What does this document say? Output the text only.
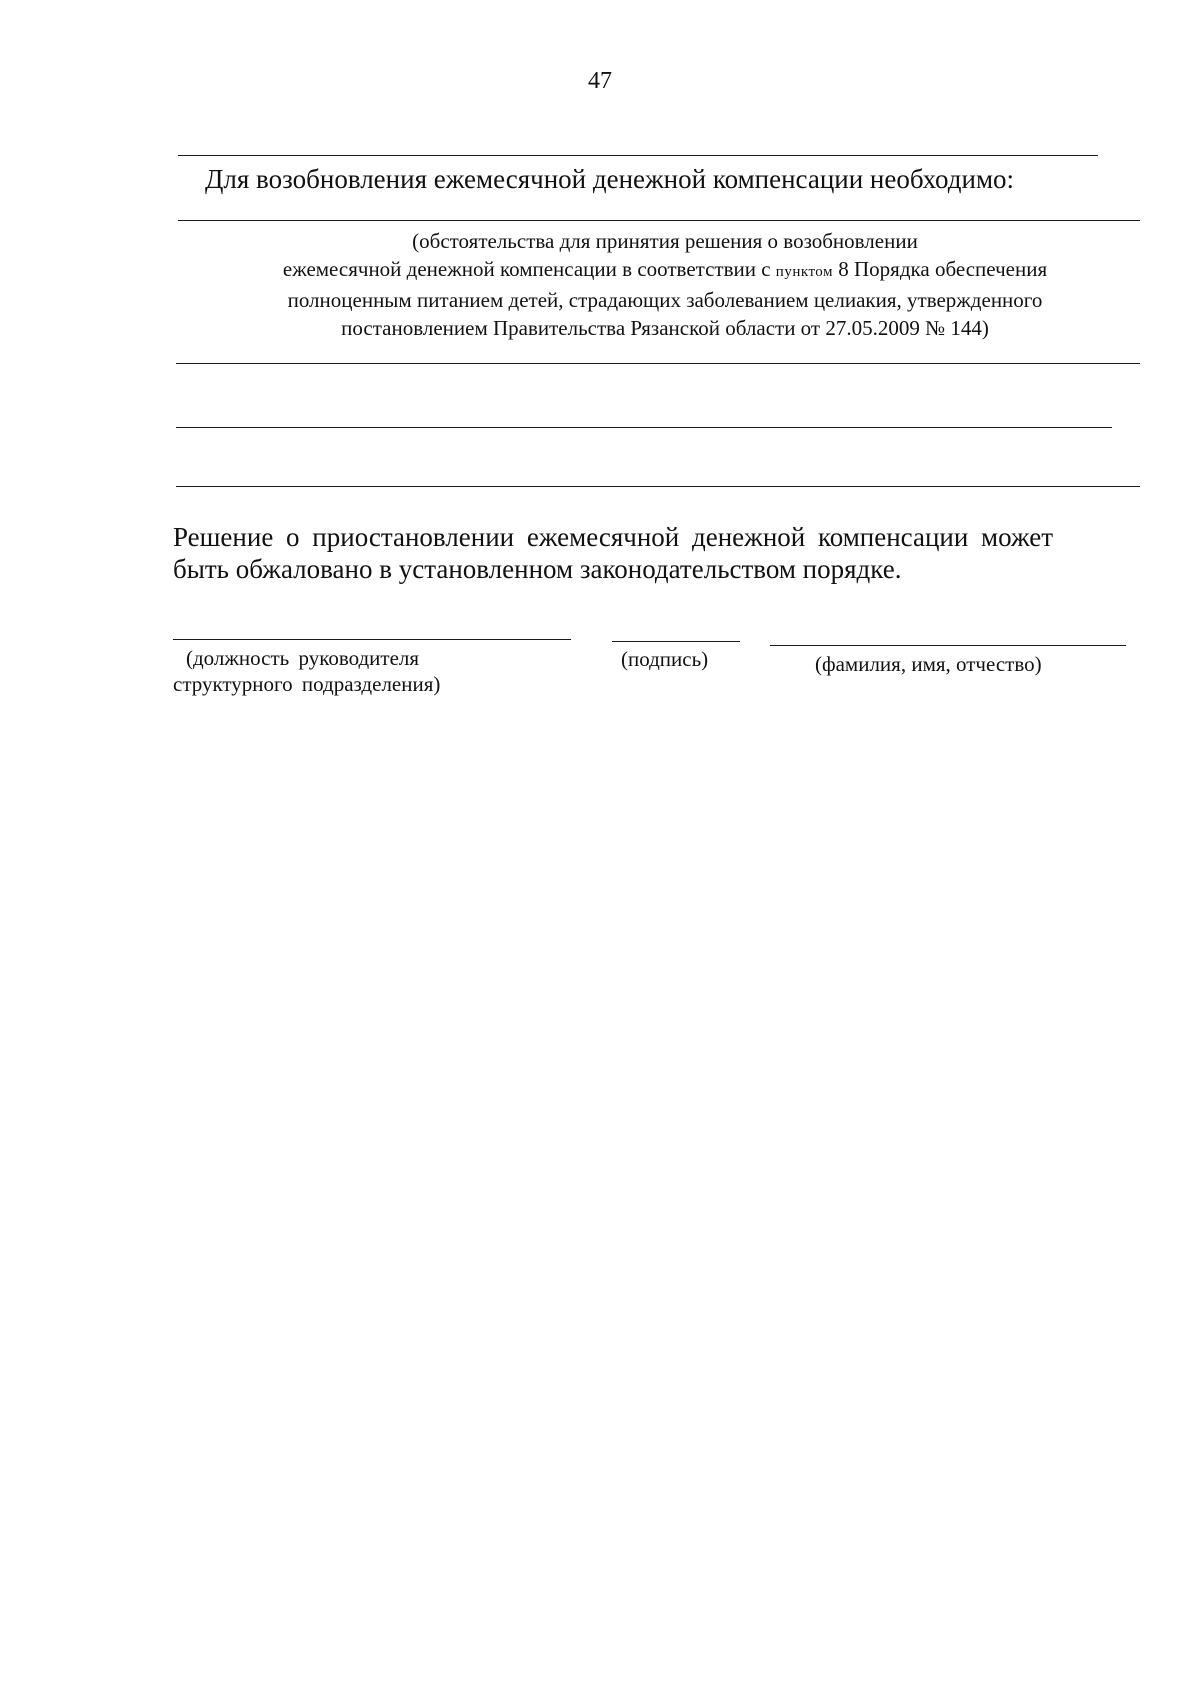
47
Для возобновления ежемесячной денежной компенсации необходимо:
(обстоятельства для принятия решения о возобновлении
ежемесячной денежной компенсации в соответствии с пунктом 8 Порядка обеспечения
полноценным питанием детей, страдающих заболеванием целиакия, утвержденного
постановлением Правительства Рязанской области от 27.05.2009 № 144)
Решение о приостановлении ежемесячной денежной компенсации может
быть обжаловано в установленном законодательством порядке.
(должность руководителя
структурного подразделения)
(подпись)	(фамилия, имя, отчество)
